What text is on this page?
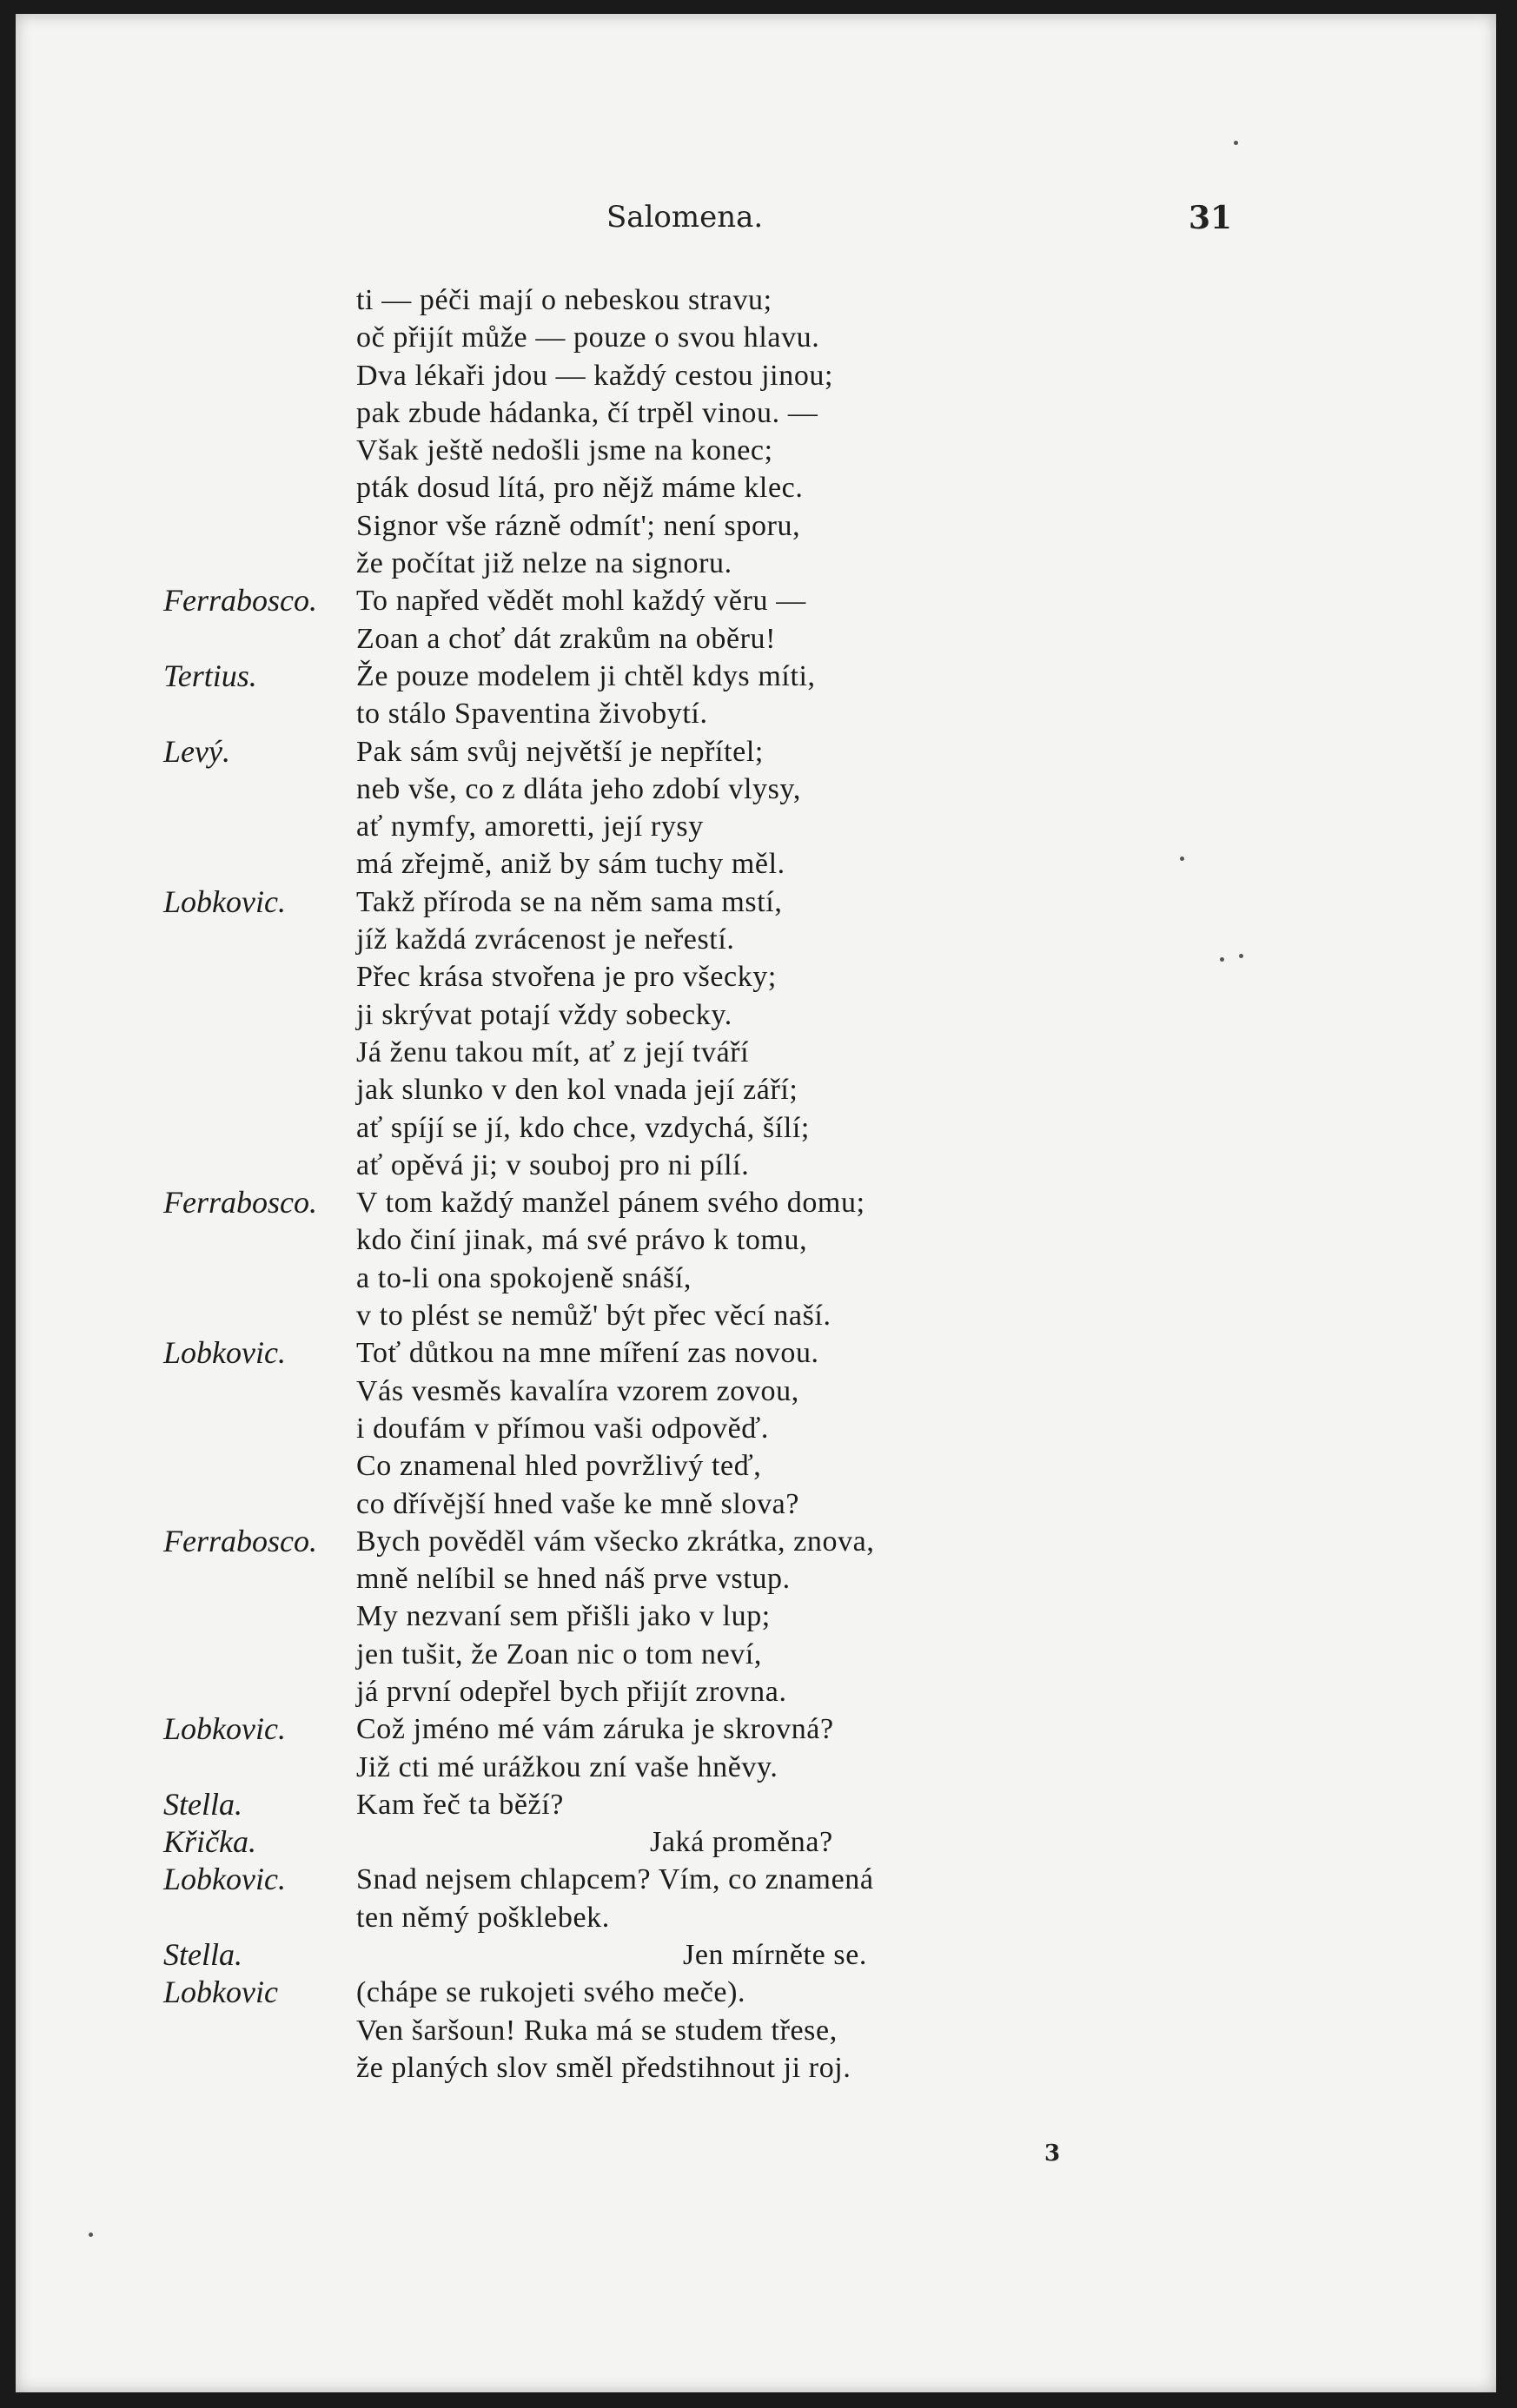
Salomena.	31
ti — péči mají o nebeskou stravu;
oč přijít může — pouze o svou hlavu.
Dva lékaři jdou — každý cestou jinou;
pak zbude hádanka, čí trpěl vinou. —
Však ještě nedošli jsme na konec;
pták dosud lítá, pro nějž máme klec.
Signor vše rázně odmít'; není sporu,
že počítat již nelze na signoru.
Ferrabosco. To napřed vědět mohl každý věru —
Zoan a choť dát zrakům na oběru!
Tertius.	Že pouze modelem ji chtěl kdys míti,
to stálo Spaventina živobytí.
Levý.	Pak sám svůj největší je nepřítel;
neb vše, co z dláta jeho zdobí vlysy,
ať nymfy, amoretti, její rysy
má zřejmě, aniž by sám tuchy měl.
Lobkovic. Takž příroda se na něm sama mstí,
jíž každá zvrácenost je neřestí.
Přec krása stvořena je pro všecky;
ji skrývat potají vždy sobecky.
Já ženu takou mít, ať z její tváří
jak slunko v den kol vnada její září;
ať spíjí se jí, kdo chce, vzdychá, šílí;
ať opěvá ji; v souboj pro ni pílí.
Ferrabosco. V tom každý manžel pánem svého domu;
kdo činí jinak, má své právo k tomu,
a to-li ona spokojeně snáší,
v to plést se nemůž' být přec věcí naší.
Lobkovic. Toť důtkou na mne míření zas novou.
Vás vesměs kavalíra vzorem zovou,
i doufám v přímou vaši odpověď.
Co znamenal hled povržlivý teď,
co dřívější hned vaše ke mně slova?
Ferrabosco. Bych pověděl vám všecko zkrátka, znova,
mně nelíbil se hned náš prve vstup.
My nezvaní sem přišli jako v lup;
jen tušit, že Zoan nic o tom neví,
já první odepřel bych přijít zrovna.
Lobkovic. Což jméno mé vám záruka je skrovná?
Již cti mé urážkou zní vaše hněvy.
Stella.	Kam řeč ta běží?
Křička.	Jaká proměna?
Lobkovic. Snad nejsem chlapcem? Vím, co znamená
ten němý pošklebek.
Stella.	Jen mírněte se.
Lobkovic	(chápe se rukojeti svého meče).
Ven šaršoun! Ruka má se studem třese,
že planých slov směl předstihnout ji roj.
3
